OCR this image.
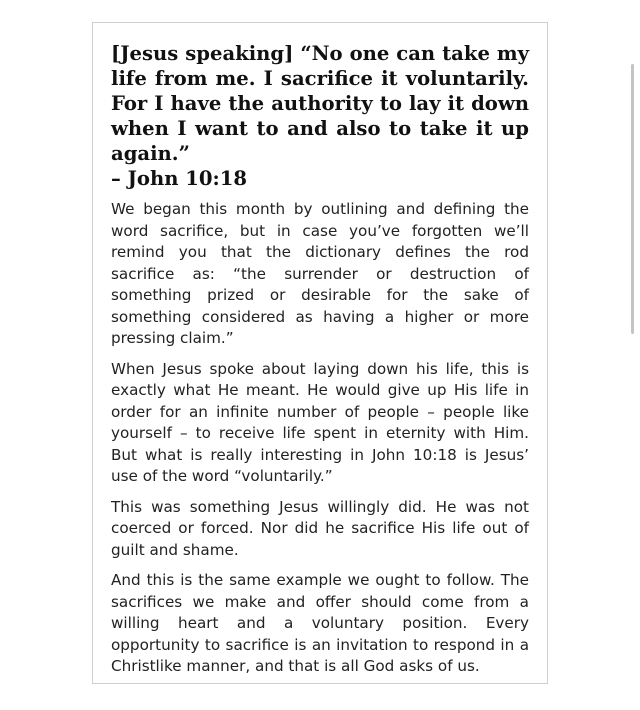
[Jesus speaking] “No one can take my life from me. I sacrifice it voluntarily. For I have the authority to lay it down when I want to and also to take it up again.”
– John 10:18

We began this month by outlining and defining the word sacrifice, but in case you’ve forgotten we’ll remind you that the dictionary defines the rod sacrifice as: “the surrender or destruction of something prized or desirable for the sake of something considered as having a higher or more pressing claim.”

When Jesus spoke about laying down his life, this is exactly what He meant. He would give up His life in order for an infinite number of people – people like yourself – to receive life spent in eternity with Him. But what is really interesting in John 10:18 is Jesus’ use of the word “voluntarily.”

This was something Jesus willingly did. He was not coerced or forced. Nor did he sacrifice His life out of guilt and shame.

And this is the same example we ought to follow. The sacrifices we make and offer should come from a willing heart and a voluntary position. Every opportunity to sacrifice is an invitation to respond in a Christlike manner, and that is all God asks of us.
